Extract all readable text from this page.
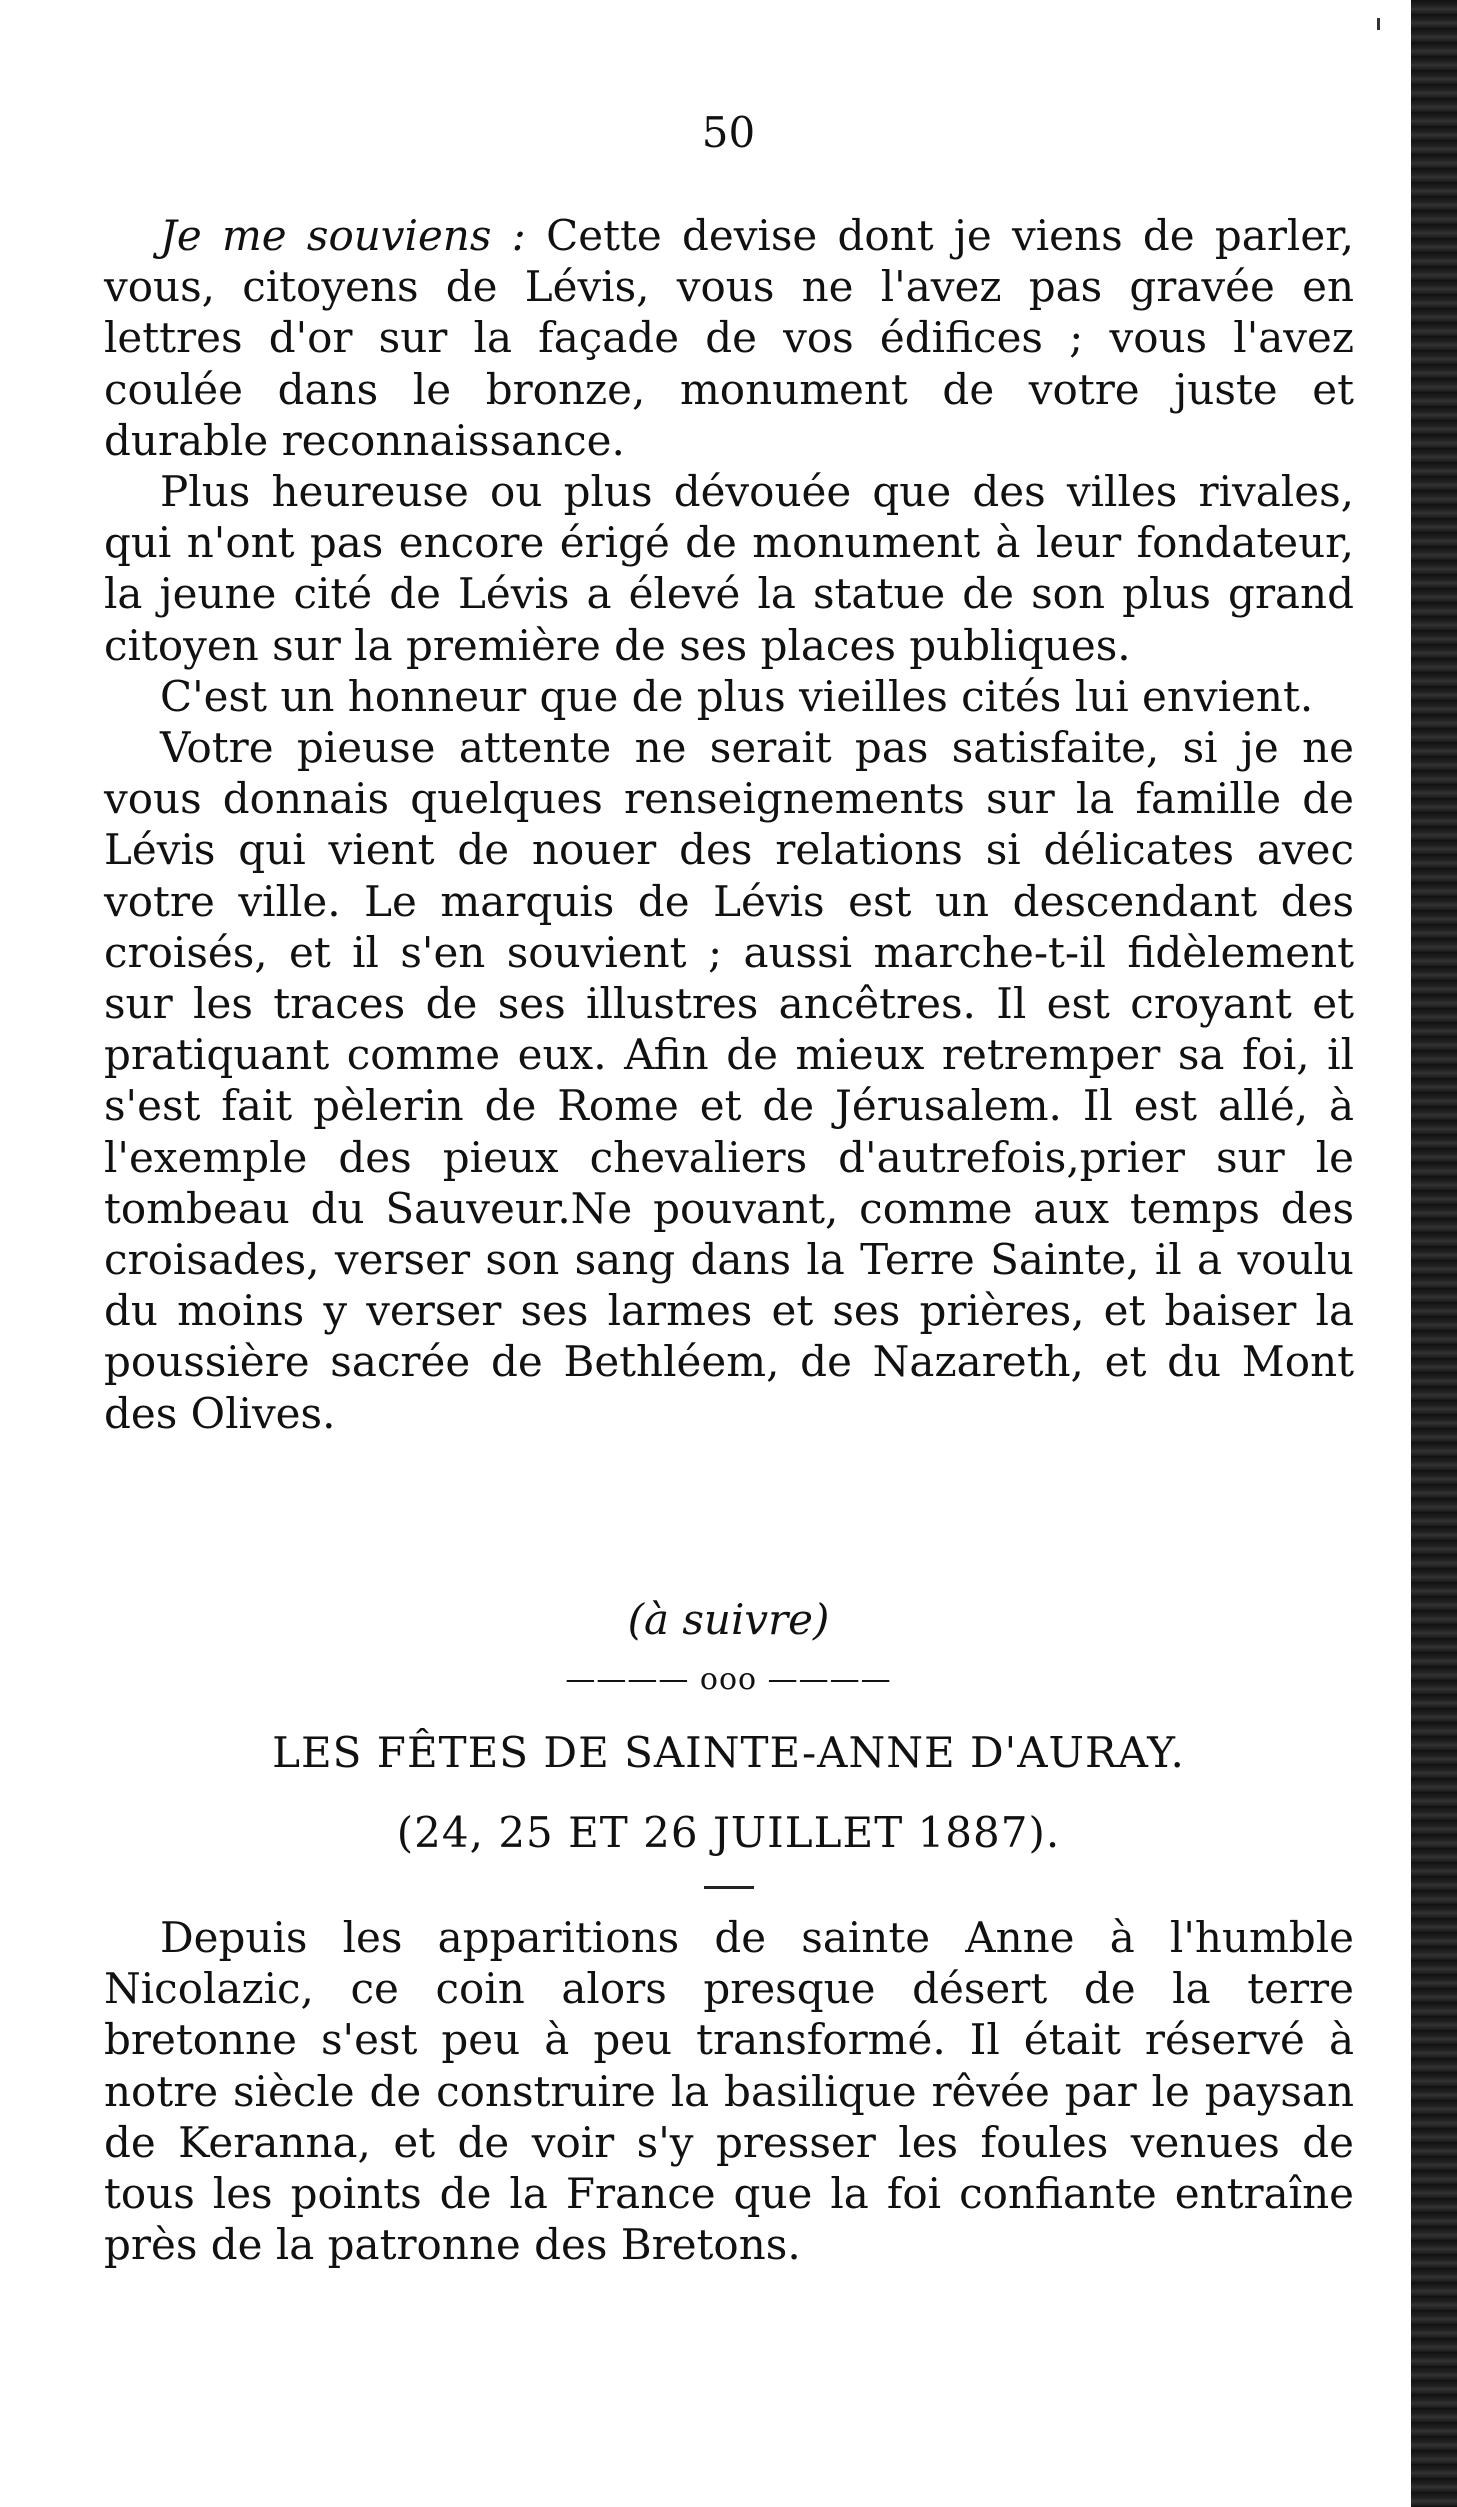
50

Je me souviens : Cette devise dont je viens de parler, vous, citoyens de Lévis, vous ne l'avez pas gravée en lettres d'or sur la façade de vos édifices ; vous l'avez coulée dans le bronze, monument de votre juste et durable reconnaissance.

Plus heureuse ou plus dévouée que des villes rivales, qui n'ont pas encore érigé de monument à leur fondateur, la jeune cité de Lévis a élevé la statue de son plus grand citoyen sur la première de ses places publiques.

C'est un honneur que de plus vieilles cités lui envient.

Votre pieuse attente ne serait pas satisfaite, si je ne vous donnais quelques renseignements sur la famille de Lévis qui vient de nouer des relations si délicates avec votre ville. Le marquis de Lévis est un descendant des croisés, et il s'en souvient ; aussi marche-t-il fidèlement sur les traces de ses illustres ancêtres. Il est croyant et pratiquant comme eux. Afin de mieux retremper sa foi, il s'est fait pèlerin de Rome et de Jérusalem. Il est allé, à l'exemple des pieux chevaliers d'autrefois,prier sur le tombeau du Sauveur.Ne pouvant, comme aux temps des croisades, verser son sang dans la Terre Sainte, il a voulu du moins y verser ses larmes et ses prières, et baiser la poussière sacrée de Bethléem, de Nazareth, et du Mont des Olives.

(à suivre)
———— ooo ————
LES FÊTES DE SAINTE-ANNE D'AURAY.
(24, 25 ET 26 JUILLET 1887).

Depuis les apparitions de sainte Anne à l'humble Nicolazic, ce coin alors presque désert de la terre bretonne s'est peu à peu transformé. Il était réservé à notre siècle de construire la basilique rêvée par le paysan de Keranna, et de voir s'y presser les foules venues de tous les points de la France que la foi confiante entraîne près de la patronne des Bretons.
